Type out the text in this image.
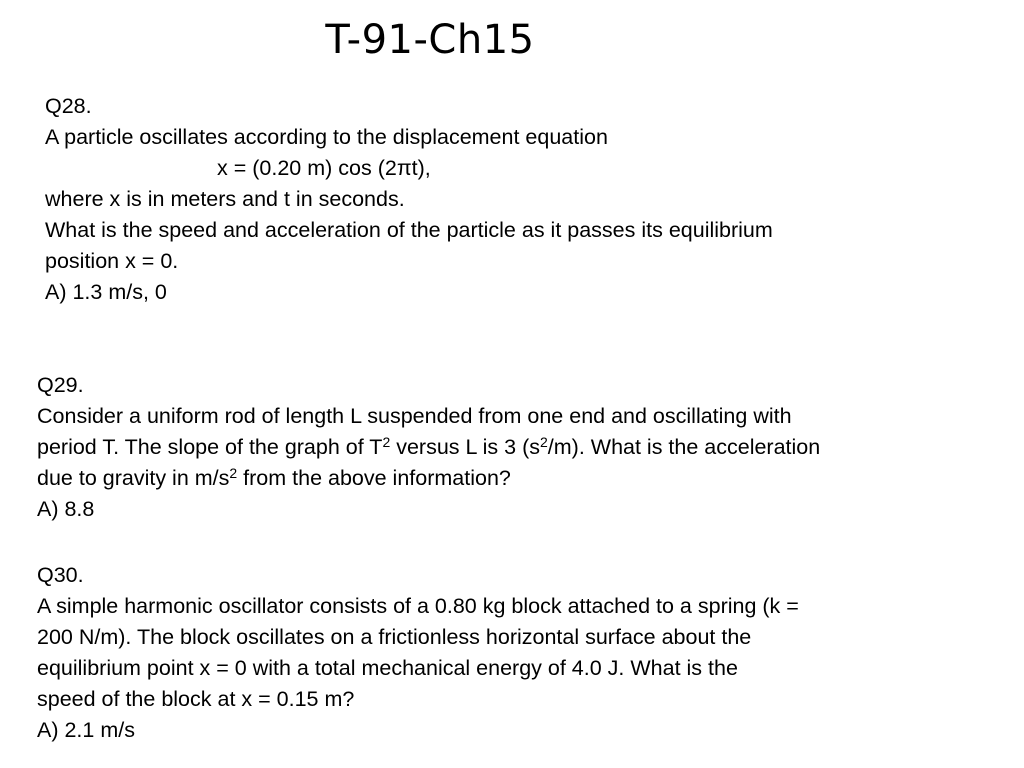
T-91-Ch15
Q28.
A particle oscillates according to the displacement equation
x = (0.20 m) cos (2πt),
where x is in meters and t in seconds.
What is the speed and acceleration of the particle as it passes its equilibrium
position x = 0.
A) 1.3 m/s, 0
Q29.
Consider a uniform rod of length L suspended from one end and oscillating with
period T. The slope of the graph of $T^2$ versus L is 3 $(s^2/m)$. What is the acceleration
due to gravity in $m/s^2$ from the above information?
A) 8.8
Q30.
A simple harmonic oscillator consists of a 0.80 kg block attached to a spring (k =
200 N/m). The block oscillates on a frictionless horizontal surface about the
equilibrium point x = 0 with a total mechanical energy of 4.0 J. What is the
speed of the block at x = 0.15 m?
A) 2.1 m/s
